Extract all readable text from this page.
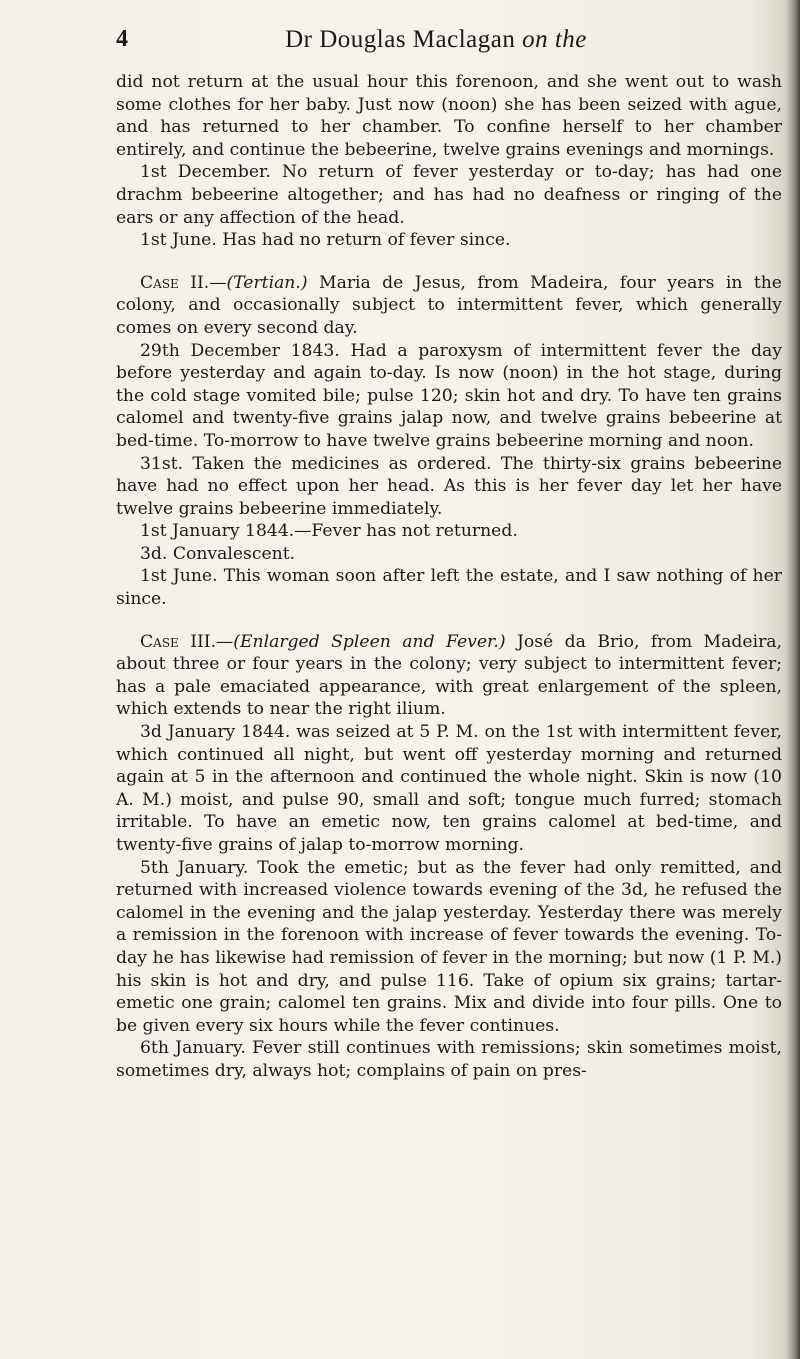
4	Dr Douglas Maclagan on the

did not return at the usual hour this forenoon, and she went out to wash some clothes for her baby. Just now (noon) she has been seized with ague, and has returned to her chamber. To confine herself to her chamber entirely, and continue the bebeerine, twelve grains evenings and mornings.

1st December. No return of fever yesterday or to-day; has had one drachm bebeerine altogether; and has had no deafness or ringing of the ears or any affection of the head.

1st June. Has had no return of fever since.

Case II.—(Tertian.) Maria de Jesus, from Madeira, four years in the colony, and occasionally subject to intermittent fever, which generally comes on every second day.

29th December 1843. Had a paroxysm of intermittent fever the day before yesterday and again to-day. Is now (noon) in the hot stage, during the cold stage vomited bile; pulse 120; skin hot and dry. To have ten grains calomel and twenty-five grains jalap now, and twelve grains bebeerine at bed-time. To-morrow to have twelve grains bebeerine morning and noon.

31st. Taken the medicines as ordered. The thirty-six grains bebeerine have had no effect upon her head. As this is her fever day let her have twelve grains bebeerine immediately.

1st January 1844.—Fever has not returned.

3d. Convalescent.

1st June. This woman soon after left the estate, and I saw nothing of her since.

Case III.—(Enlarged Spleen and Fever.) José da Brio, from Madeira, about three or four years in the colony; very subject to intermittent fever; has a pale emaciated appearance, with great enlargement of the spleen, which extends to near the right ilium.

3d January 1844. was seized at 5 P. M. on the 1st with intermittent fever, which continued all night, but went off yesterday morning and returned again at 5 in the afternoon and continued the whole night. Skin is now (10 A. M.) moist, and pulse 90, small and soft; tongue much furred; stomach irritable. To have an emetic now, ten grains calomel at bed-time, and twenty-five grains of jalap to-morrow morning.

5th January. Took the emetic; but as the fever had only remitted, and returned with increased violence towards evening of the 3d, he refused the calomel in the evening and the jalap yesterday. Yesterday there was merely a remission in the forenoon with increase of fever towards the evening. To-day he has likewise had remission of fever in the morning; but now (1 P. M.) his skin is hot and dry, and pulse 116. Take of opium six grains; tartar-emetic one grain; calomel ten grains. Mix and divide into four pills. One to be given every six hours while the fever continues.

6th January. Fever still continues with remissions; skin sometimes moist, sometimes dry, always hot; complains of pain on pres-
